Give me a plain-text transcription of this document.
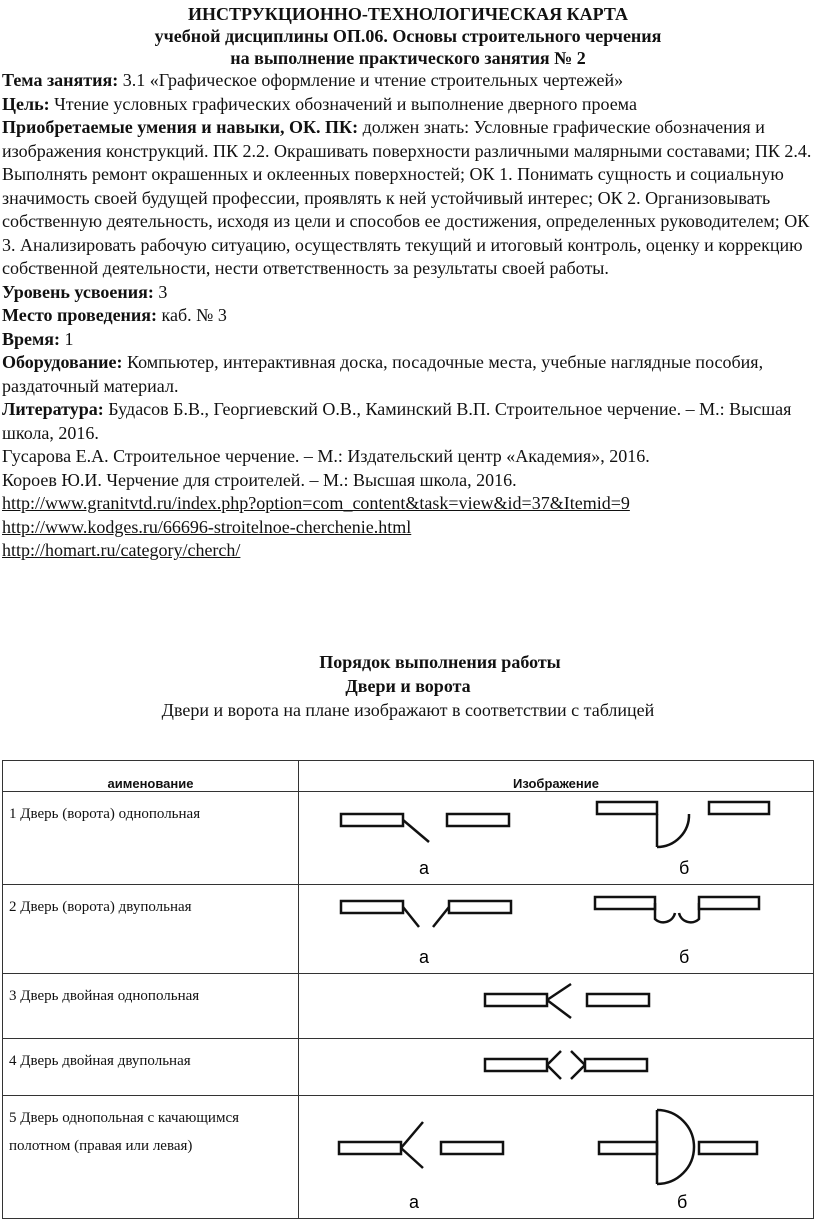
ИНСТРУКЦИОННО-ТЕХНОЛОГИЧЕСКАЯ КАРТА
учебной дисциплины ОП.06. Основы строительного черчения
на выполнение практического занятия № 2
Тема занятия: 3.1 «Графическое оформление и чтение строительных чертежей»
Цель: Чтение условных графических обозначений и выполнение дверного проема
Приобретаемые умения и навыки, ОК. ПК: должен знать: Условные графические обозначения и изображения конструкций. ПК 2.2. Окрашивать поверхности различными малярными составами; ПК 2.4. Выполнять ремонт окрашенных и оклеенных поверхностей; ОК 1. Понимать сущность и социальную значимость своей будущей профессии, проявлять к ней устойчивый интерес; ОК 2. Организовывать собственную деятельность, исходя из цели и способов ее достижения, определенных руководителем; ОК 3. Анализировать рабочую ситуацию, осуществлять текущий и итоговый контроль, оценку и коррекцию собственной деятельности, нести ответственность за результаты своей работы.
Уровень усвоения: 3
Место проведения: каб. № 3
Время: 1
Оборудование: Компьютер, интерактивная доска, посадочные места, учебные наглядные пособия, раздаточный материал.
Литература: Будасов Б.В., Георгиевский О.В., Каминский В.П. Строительное черчение. – М.: Высшая школа, 2016.
Гусарова Е.А. Строительное черчение. – М.: Издательский центр «Академия», 2016.
Короев Ю.И. Черчение для строителей. – М.: Высшая школа, 2016.
http://www.granitvtd.ru/index.php?option=com_content&task=view&id=37&Itemid=9
http://www.kodges.ru/66696-stroitelnoe-cherchenie.html
http://homart.ru/category/cherch/
Порядок выполнения работы
Двери и ворота
Двери и ворота на плане изображают в соответствии с таблицей
аименование	Изображение
1 Дверь (ворота) однопольная	а б

2 Дверь (ворота) двупольная	а б

3 Дверь двойная однопольная	

4 Дверь двойная двупольная	

5 Дверь однопольная с качающимся полотном (правая или левая)	а б
